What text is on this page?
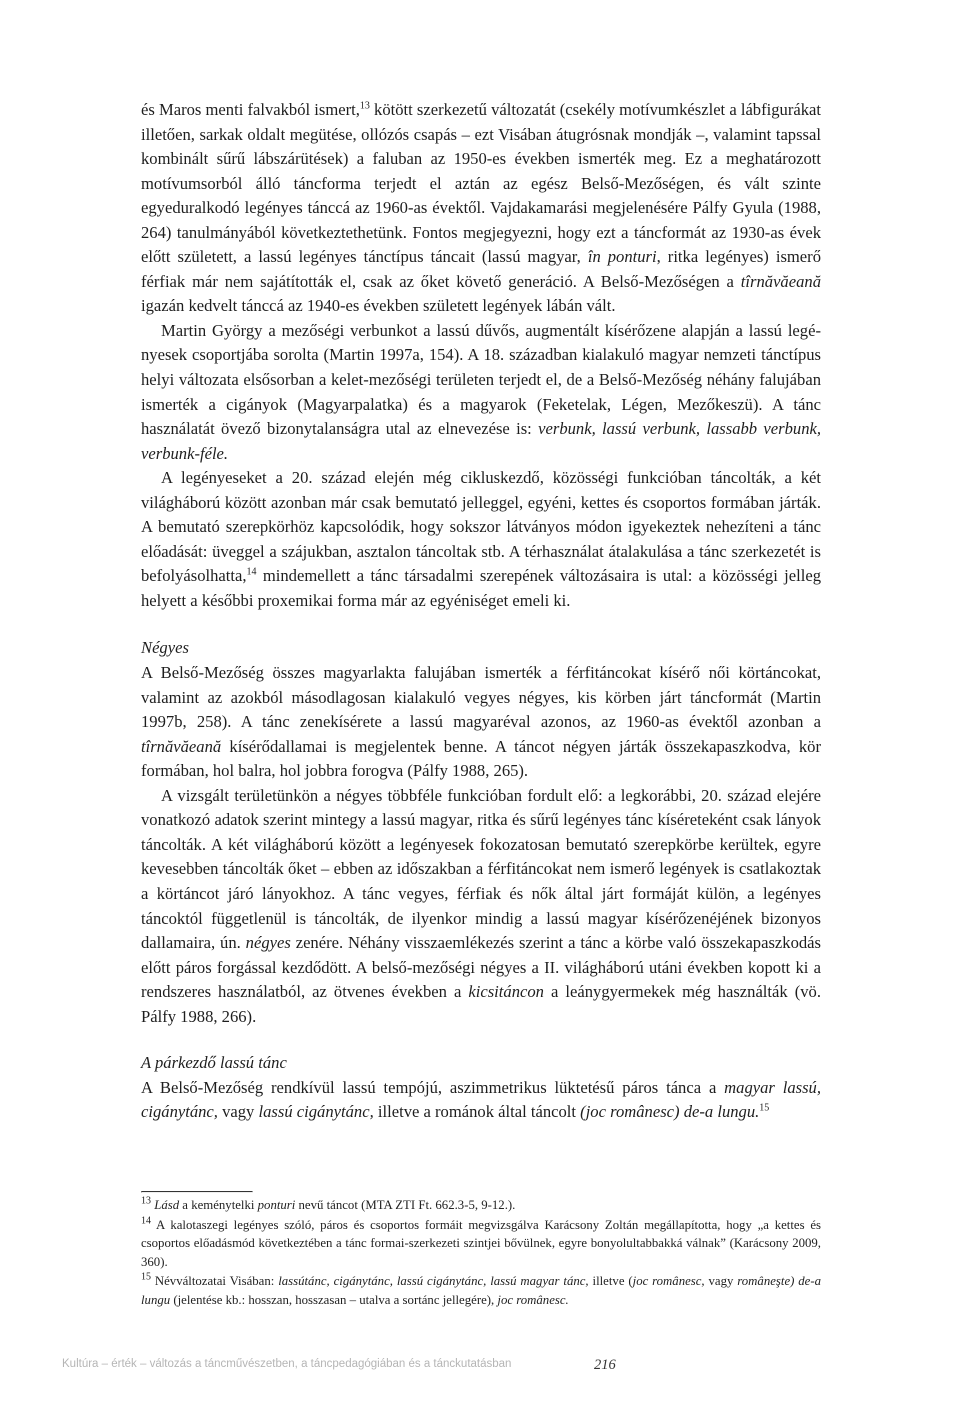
és Maros menti falvakból ismert,$^{13}$ kötött szerkezetű változatát (csekély motívumkészlet a lábfigurákat illetően, sarkak oldalt megütése, ollózós csapás – ezt Visában átugrósnak mondják –, valamint tapssal kombinált sűrű lábszárütések) a faluban az 1950-es években ismerték meg. Ez a meghatározott motívumsorból álló táncforma terjedt el aztán az egész Belső-Mezőségen, és vált szinte egyeduralkodó legényes tánccá az 1960-as évektől. Vajdakamarási megjelenésére Pálfy Gyula (1988, 264) tanulmányából következtethetünk. Fontos megjegyezni, hogy ezt a táncformát az 1930-as évek előtt született, a lassú legényes tánctípus táncait (lassú magyar, în ponturi, ritka legényes) ismerő férfiak már nem sajátították el, csak az őket követő generáció. A Belső-Mezőségen a tîrnăvăeană igazán kedvelt tánccá az 1940-es években született legények lábán vált.

Martin György a mezőségi verbunkot a lassú dűvős, augmentált kísérőzene alapján a lassú legényesek csoportjába sorolta (Martin 1997a, 154). A 18. században kialakuló magyar nemzeti tánctípus helyi változata elsősorban a kelet-mezőségi területen terjedt el, de a Belső-Mezőség néhány falujában ismerték a cigányok (Magyarpalatka) és a magyarok (Feketelak, Légen, Mezőkeszü). A tánc használatát övező bizonytalanságra utal az elnevezése is: verbunk, lassú verbunk, lassabb verbunk, verbunk-féle.

A legényeseket a 20. század elején még cikluskezdő, közösségi funkcióban táncolták, a két világháború között azonban már csak bemutató jelleggel, egyéni, kettes és csoportos formában járták. A bemutató szerepkörhöz kapcsolódik, hogy sokszor látványos módon igyekeztek nehezíteni a tánc előadását: üveggel a szájukban, asztalon táncoltak stb. A térhasználat átalakulása a tánc szerkezetét is befolyásolhatta,$^{14}$ mindemellett a tánc társadalmi szerepének változásaira is utal: a közösségi jelleg helyett a későbbi proxemikai forma már az egyéniséget emeli ki.

Négyes

A Belső-Mezőség összes magyarlakta falujában ismerték a férfitáncokat kísérő női körtáncokat, valamint az azokból másodlagosan kialakuló vegyes négyes, kis körben járt táncformát (Martin 1997b, 258). A tánc zenekísérete a lassú magyaréval azonos, az 1960-as évektől azonban a tîrnăvăeană kísérődallamai is megjelentek benne. A táncot négyen járták összekapaszkodva, kör formában, hol balra, hol jobbra forogva (Pálfy 1988, 265).

A vizsgált területünkön a négyes többféle funkcióban fordult elő: a legkorábbi, 20. század elejére vonatkozó adatok szerint mintegy a lassú magyar, ritka és sűrű legényes tánc kíséreteként csak lányok táncolták. A két világháború között a legényesek fokozatosan bemutató szerepkörbe kerültek, egyre kevesebben táncolták őket – ebben az időszakban a férfitáncokat nem ismerő legények is csatlakoztak a körtáncot járó lányokhoz. A tánc vegyes, férfiak és nők által járt formáját külön, a legényes táncoktól függetlenül is táncolták, de ilyenkor mindig a lassú magyar kísérőzenéjének bizonyos dallamaira, ún. négyes zenére. Néhány visszaemlékezés szerint a tánc a körbe való összekapaszkodás előtt páros forgással kezdődött. A belső-mezőségi négyes a II. világháború utáni években kopott ki a rendszeres használatból, az ötvenes években a kicsitáncon a leánygyermekek még használták (vö. Pálfy 1988, 266).

A párkezdő lassú tánc

A Belső-Mezőség rendkívül lassú tempójú, aszimmetrikus lüktetésű páros tánca a magyar lassú, cigánytánc, vagy lassú cigánytánc, illetve a románok által táncolt (joc românesc) de-a lungu.$^{15}$

$^{13}$ Lásd a keménytelki ponturi nevű táncot (MTA ZTI Ft. 662.3-5, 9-12.).

$^{14}$ A kalotaszegi legényes szóló, páros és csoportos formáit megvizsgálva Karácsony Zoltán megállapította, hogy „a kettes és csoportos előadásmód következtében a tánc formai-szerkezeti szintjei bővülnek, egyre bonyolultabbakká válnak” (Karácsony 2009, 360).

$^{15}$ Névváltozatai Visában: lassútánc, cigánytánc, lassú cigánytánc, lassú magyar tánc, illetve (joc românesc, vagy româneşte) de-a lungu (jelentése kb.: hosszan, hosszasan – utalva a sortánc jellegére), joc românesc.

Kultúra – érték – változás a táncművészetben, a táncpedagógiában és a tánckutatásban	216
